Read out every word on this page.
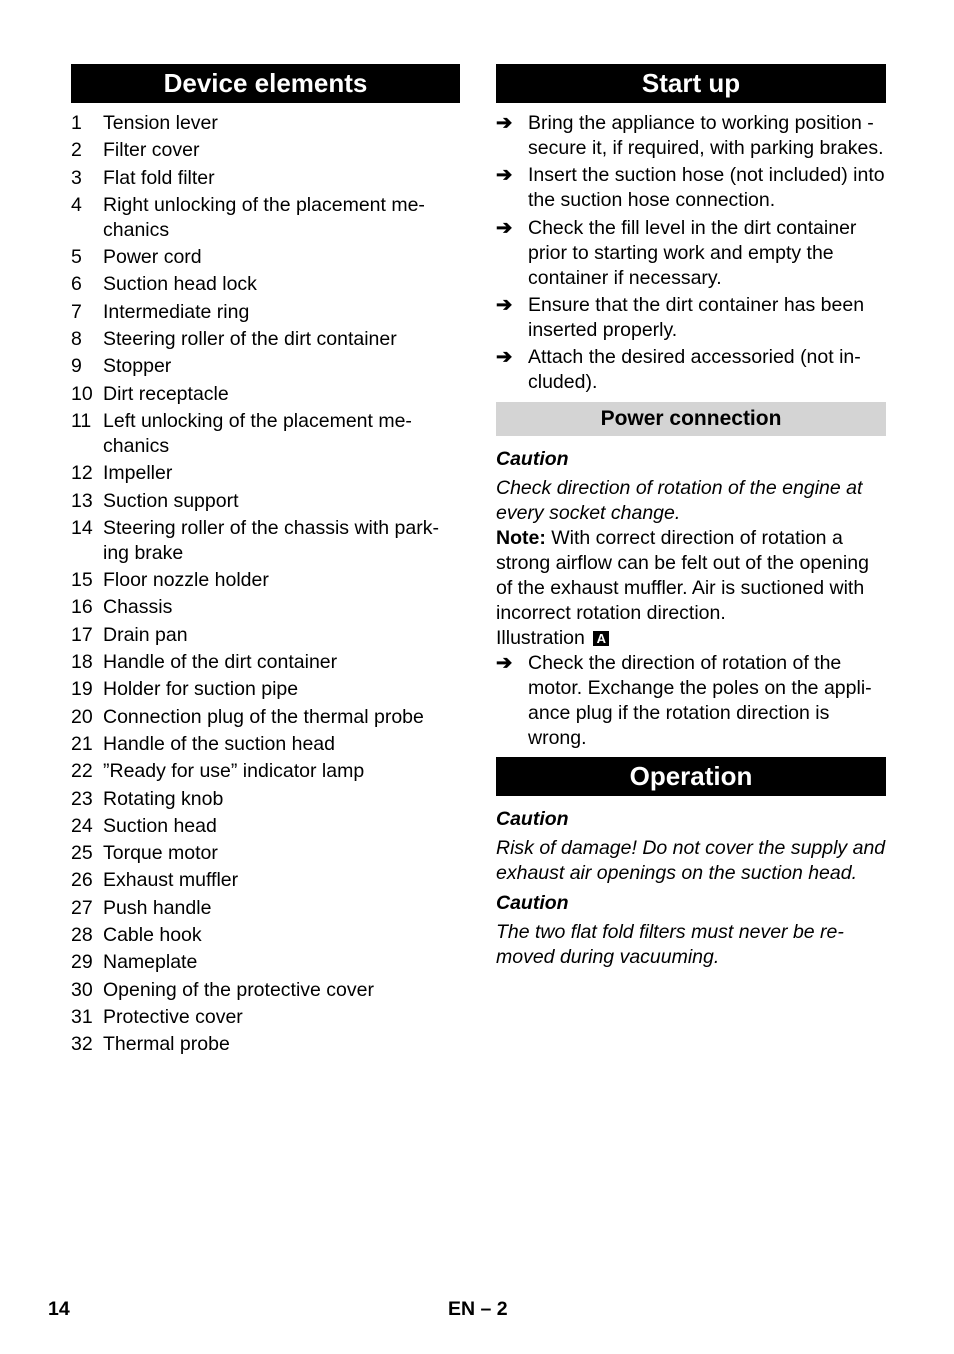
Device elements
1	Tension lever
2	Filter cover
3	Flat fold filter
4	Right unlocking of the placement me-chanics
5	Power cord
6	Suction head lock
7	Intermediate ring
8	Steering roller of the dirt container
9	Stopper
10 Dirt receptacle
11 Left unlocking of the placement me-chanics
12 Impeller
13 Suction support
14 Steering roller of the chassis with park-ing brake
15 Floor nozzle holder
16 Chassis
17 Drain pan
18 Handle of the dirt container
19 Holder for suction pipe
20 Connection plug of the thermal probe
21 Handle of the suction head
22 ”Ready for use” indicator lamp
23 Rotating knob
24 Suction head
25 Torque motor
26 Exhaust muffler
27 Push handle
28 Cable hook
29 Nameplate
30 Opening of the protective cover
31 Protective cover
32 Thermal probe
Start up
➔ Bring the appliance to working position - secure it, if required, with parking brakes.
➔ Insert the suction hose (not included) into the suction hose connection.
➔ Check the fill level in the dirt container prior to starting work and empty the container if necessary.
➔ Ensure that the dirt container has been inserted properly.
➔ Attach the desired accessoried (not in-cluded).
Power connection
Caution
Check direction of rotation of the engine at every socket change.

Note: With correct direction of rotation a strong airflow can be felt out of the opening of the exhaust muffler. Air is suctioned with incorrect rotation direction.

Illustration A

➔ Check the direction of rotation of the motor. Exchange the poles on the appli-ance plug if the rotation direction is wrong.
Operation
Caution
Risk of damage! Do not cover the supply and exhaust air openings on the suction head.
Caution
The two flat fold filters must never be re-moved during vacuuming.
14	EN – 2
